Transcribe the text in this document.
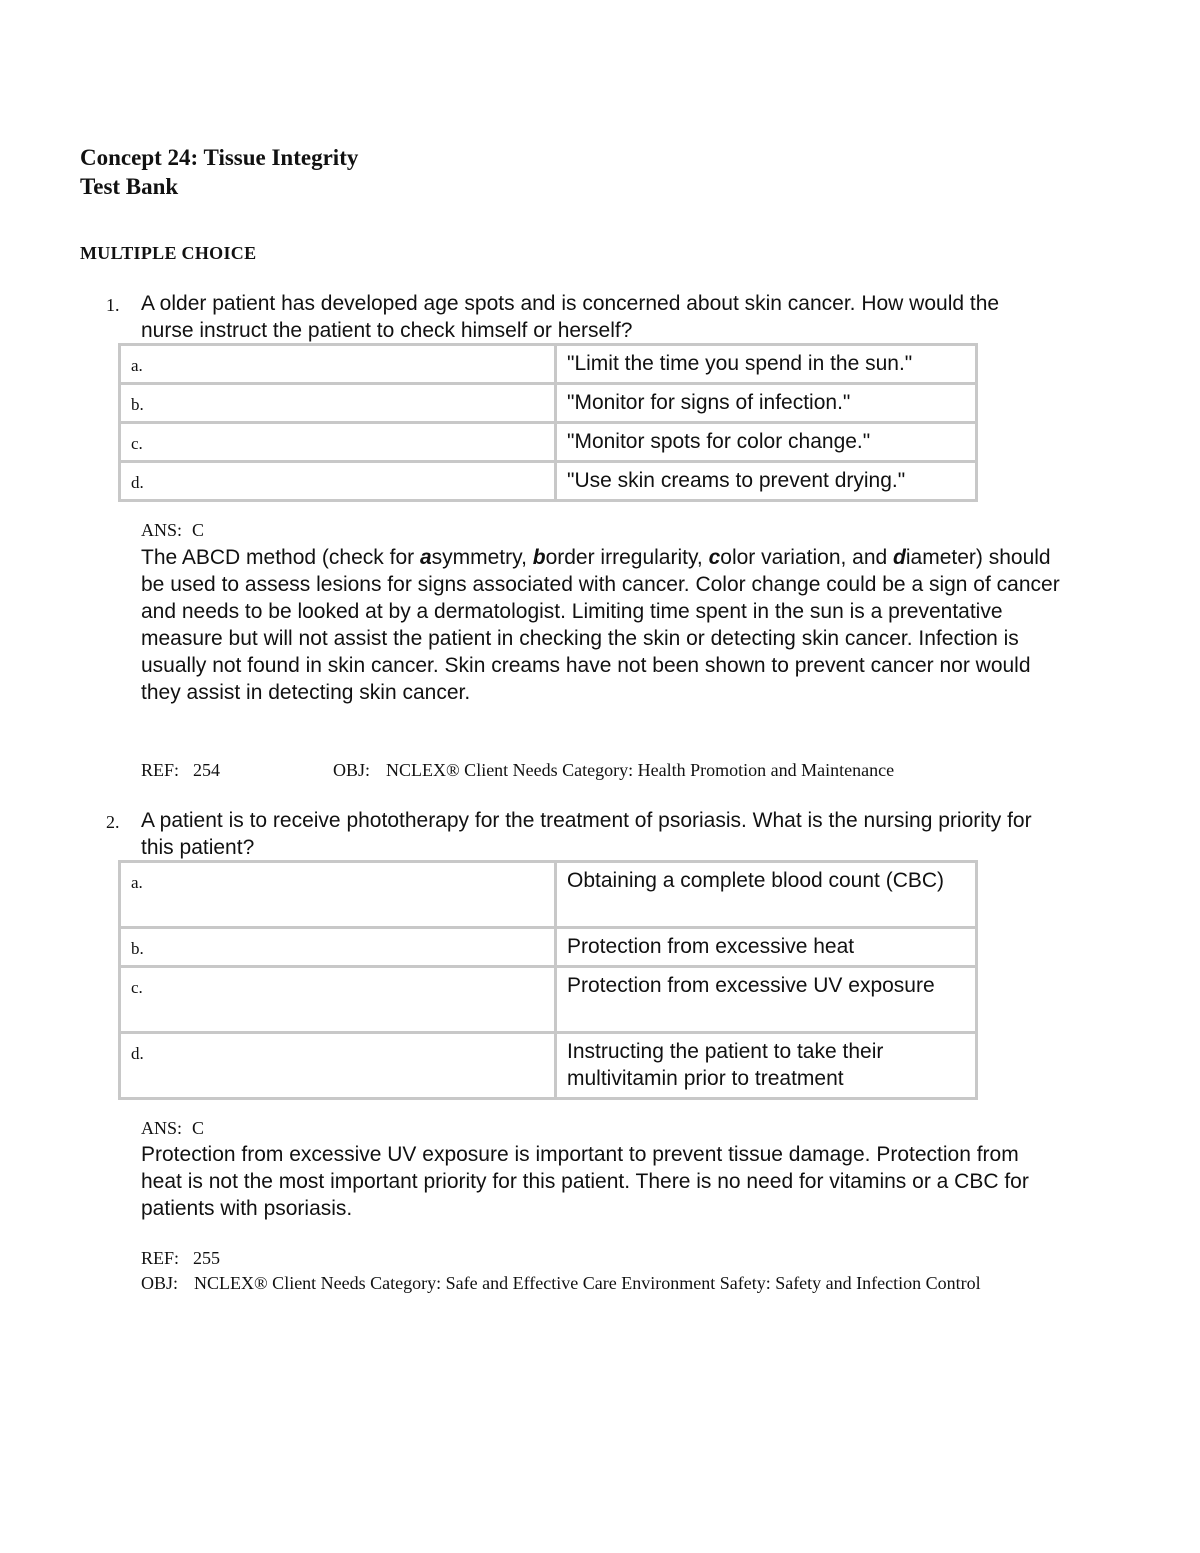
Concept 24: Tissue Integrity
Test Bank
MULTIPLE CHOICE
1. A older patient has developed age spots and is concerned about skin cancer. How would the nurse instruct the patient to check himself or herself?
a.	"Limit the time you spend in the sun."
b.	"Monitor for signs of infection."
c.	"Monitor spots for color change."
d.	"Use skin creams to prevent drying."
ANS: C
The ABCD method (check for asymmetry, border irregularity, color variation, and diameter) should be used to assess lesions for signs associated with cancer. Color change could be a sign of cancer and needs to be looked at by a dermatologist. Limiting time spent in the sun is a preventative measure but will not assist the patient in checking the skin or detecting skin cancer. Infection is usually not found in skin cancer. Skin creams have not been shown to prevent cancer nor would they assist in detecting skin cancer.
REF: 254	OBJ: NCLEX® Client Needs Category: Health Promotion and Maintenance
2. A patient is to receive phototherapy for the treatment of psoriasis. What is the nursing priority for this patient?
a.	Obtaining a complete blood count (CBC)
b.	Protection from excessive heat
c.	Protection from excessive UV exposure
d.	Instructing the patient to take their multivitamin prior to treatment
ANS: C
Protection from excessive UV exposure is important to prevent tissue damage. Protection from heat is not the most important priority for this patient. There is no need for vitamins or a CBC for patients with psoriasis.
REF: 255
OBJ: NCLEX® Client Needs Category: Safe and Effective Care Environment Safety: Safety and Infection Control
